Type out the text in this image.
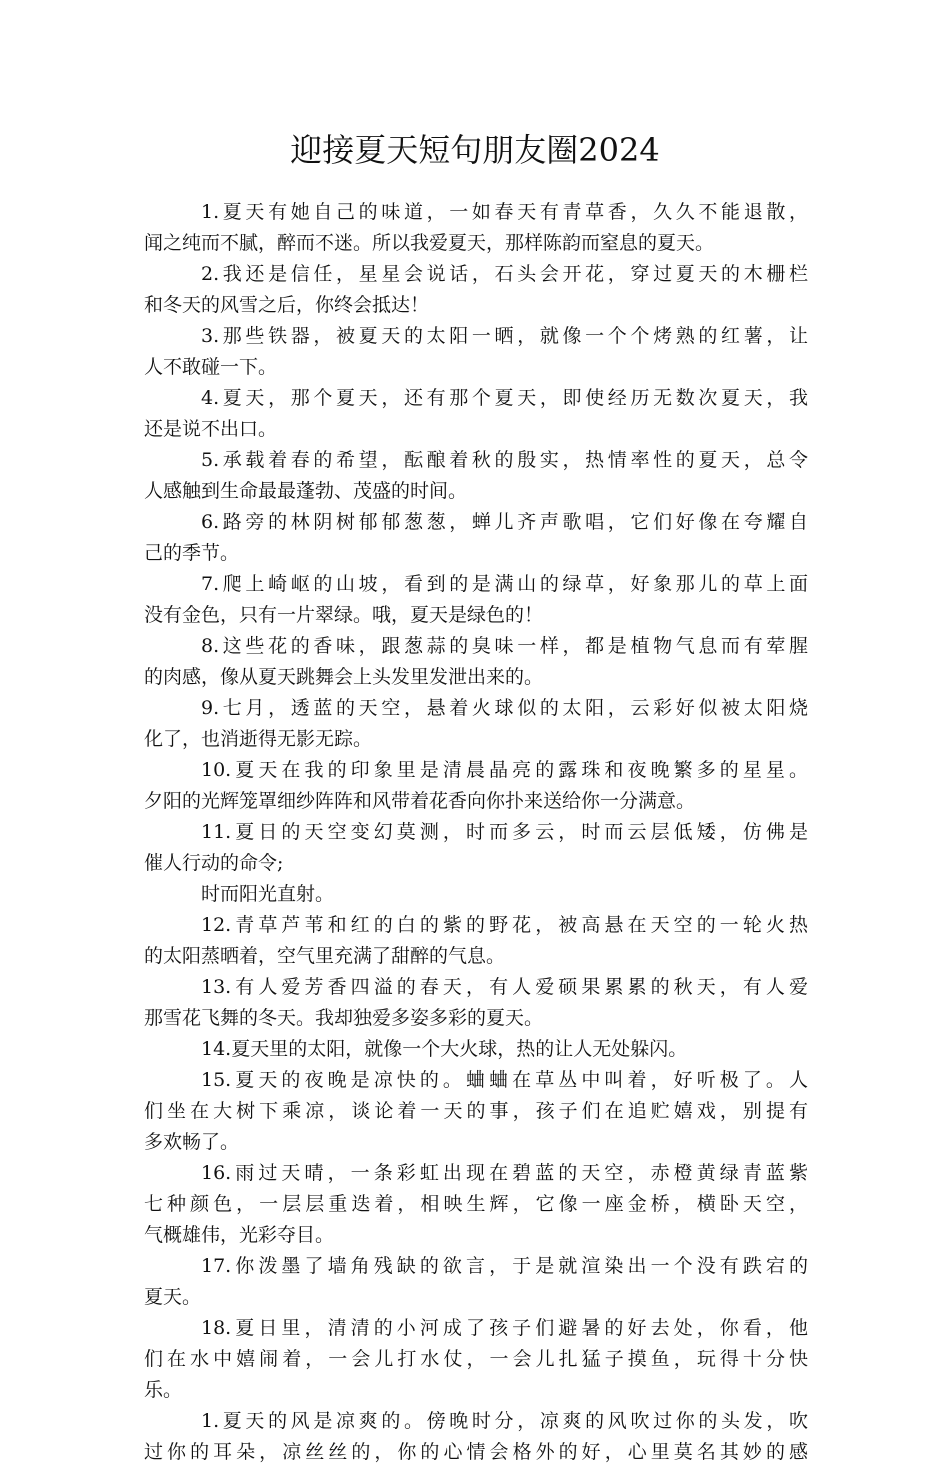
迎接夏天短句朋友圈2024
1.夏天有她自己的味道，一如春天有青草香，久久不能退散，
闻之纯而不腻，醉而不迷。所以我爱夏天，那样陈韵而窒息的夏天。
2.我还是信任，星星会说话，石头会开花，穿过夏天的木栅栏
和冬天的风雪之后，你终会抵达！
3.那些铁器，被夏天的太阳一晒，就像一个个烤熟的红薯，让
人不敢碰一下。
4.夏天，那个夏天，还有那个夏天，即使经历无数次夏天，我
还是说不出口。
5.承载着春的希望，酝酿着秋的殷实，热情率性的夏天，总令
人感触到生命最最蓬勃、茂盛的时间。
6.路旁的林阴树郁郁葱葱，蝉儿齐声歌唱，它们好像在夸耀自
己的季节。
7.爬上崎岖的山坡，看到的是满山的绿草，好象那儿的草上面
没有金色，只有一片翠绿。哦，夏天是绿色的！
8.这些花的香味，跟葱蒜的臭味一样，都是植物气息而有荤腥
的肉感，像从夏天跳舞会上头发里发泄出来的。
9.七月，透蓝的天空，悬着火球似的太阳，云彩好似被太阳烧
化了，也消逝得无影无踪。
10.夏天在我的印象里是清晨晶亮的露珠和夜晚繁多的星星。
夕阳的光辉笼罩细纱阵阵和风带着花香向你扑来送给你一分满意。
11.夏日的天空变幻莫测，时而多云，时而云层低矮，仿佛是
催人行动的命令;
时而阳光直射。
12.青草芦苇和红的白的紫的野花，被高悬在天空的一轮火热
的太阳蒸晒着，空气里充满了甜醉的气息。
13.有人爱芳香四溢的春天，有人爱硕果累累的秋天，有人爱
那雪花飞舞的冬天。我却独爱多姿多彩的夏天。
14.夏天里的太阳，就像一个大火球，热的让人无处躲闪。
15.夏天的夜晚是凉快的。蛐蛐在草丛中叫着，好听极了。人
们坐在大树下乘凉，谈论着一天的事，孩子们在追贮嬉戏，别提有
多欢畅了。
16.雨过天晴，一条彩虹出现在碧蓝的天空，赤橙黄绿青蓝紫
七种颜色，一层层重迭着，相映生辉，它像一座金桥，横卧天空，
气概雄伟，光彩夺目。
17.你泼墨了墙角残缺的欲言，于是就渲染出一个没有跌宕的
夏天。
18.夏日里，清清的小河成了孩子们避暑的好去处，你看，他
们在水中嬉闹着，一会儿打水仗，一会儿扎猛子摸鱼，玩得十分快
乐。
1.夏天的风是凉爽的。傍晚时分，凉爽的风吹过你的头发，吹
过你的耳朵，凉丝丝的，你的心情会格外的好，心里莫名其妙的感
